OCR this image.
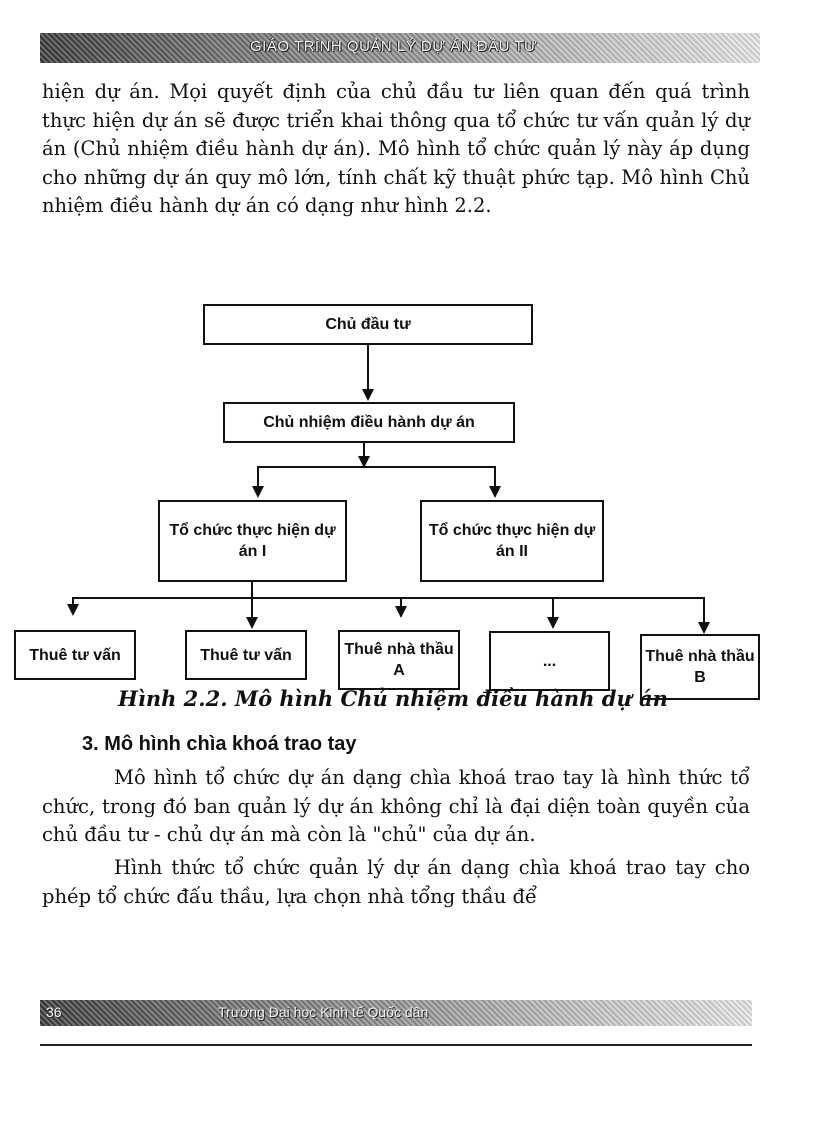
GIÁO TRÌNH QUẢN LÝ DỰ ÁN ĐẦU TƯ

hiện dự án. Mọi quyết định của chủ đầu tư liên quan đến quá trình thực hiện dự án sẽ được triển khai thông qua tổ chức tư vấn quản lý dự án (Chủ nhiệm điều hành dự án). Mô hình tổ chức quản lý này áp dụng cho những dự án quy mô lớn, tính chất kỹ thuật phức tạp. Mô hình Chủ nhiệm điều hành dự án có dạng như hình 2.2.

Chủ đầu tư
Chủ nhiệm điều hành dự án
Tổ chức thực hiện dự án I
Tổ chức thực hiện dự án II
Thuê tư vấn	Thuê tư vấn	Thuê nhà thầu A
...	Thuê nhà thầu B
Hình 2.2. Mô hình Chủ nhiệm điều hành dự án
3. Mô hình chìa khoá trao tay

Mô hình tổ chức dự án dạng chìa khoá trao tay là hình thức tổ chức, trong đó ban quản lý dự án không chỉ là đại diện toàn quyền của chủ đầu tư - chủ dự án mà còn là "chủ" của dự án.

Hình thức tổ chức quản lý dự án dạng chìa khoá trao tay cho phép tổ chức đấu thầu, lựa chọn nhà tổng thầu để

36	Trường Đại học Kinh tế Quốc dân
